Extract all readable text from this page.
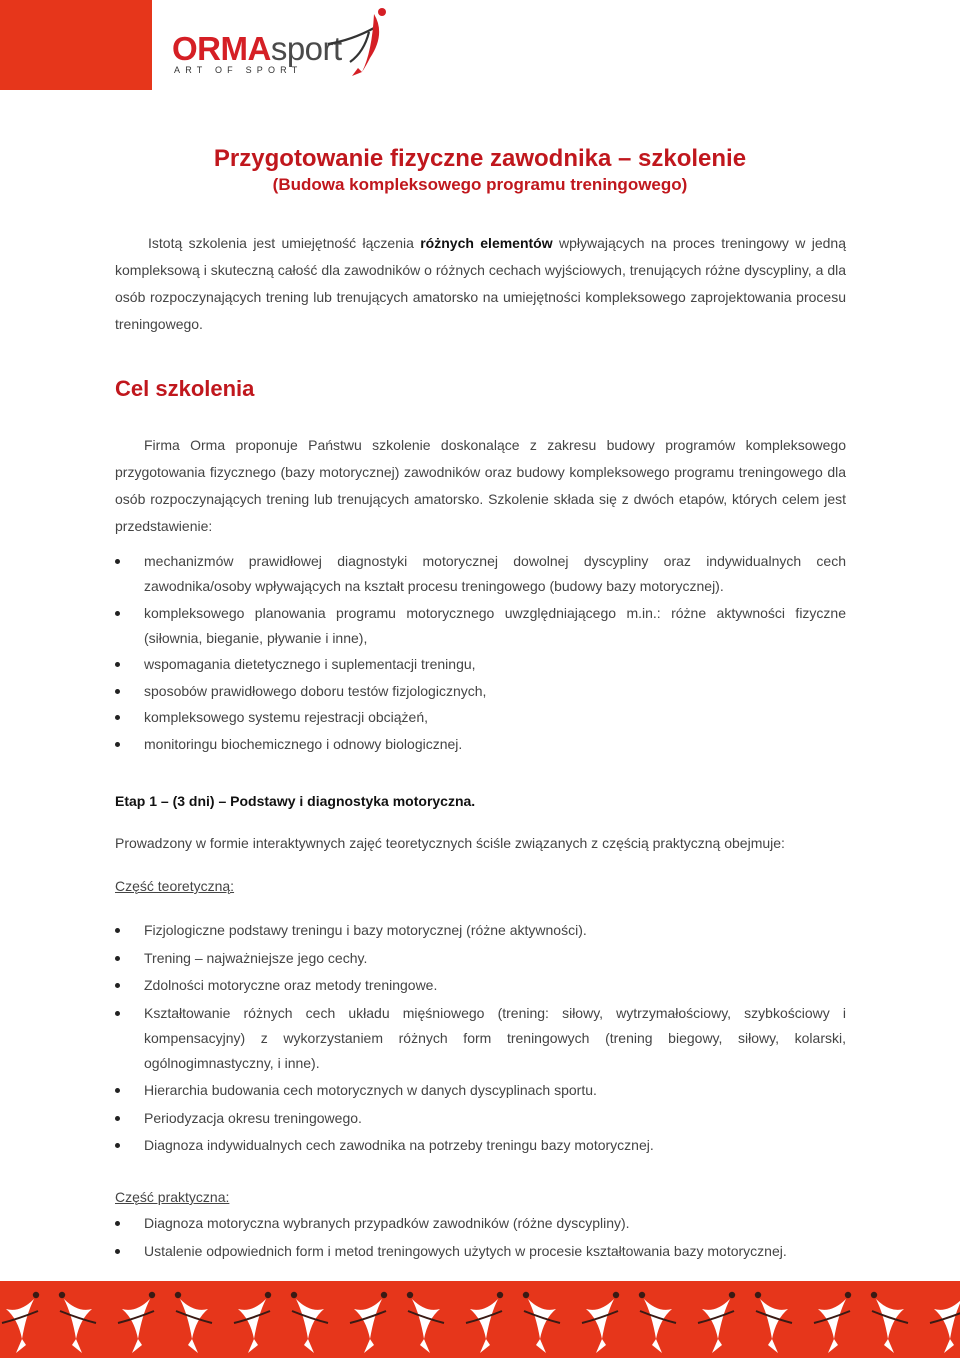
ORMAsport
ART OF SPORT
Przygotowanie fizyczne zawodnika – szkolenie
(Budowa kompleksowego programu treningowego)

Istotą szkolenia jest umiejętność łączenia różnych elementów wpływających na proces treningowy w jedną kompleksową i skuteczną całość dla zawodników o różnych cechach wyjściowych, trenujących różne dyscypliny, a dla osób rozpoczynających trening lub trenujących amatorsko na umiejętności kompleksowego zaprojektowania procesu treningowego.

Cel szkolenia

Firma Orma proponuje Państwu szkolenie doskonalące z zakresu budowy programów kompleksowego przygotowania fizycznego (bazy motorycznej) zawodników oraz budowy kompleksowego programu treningowego dla osób rozpoczynających trening lub trenujących amatorsko. Szkolenie składa się z dwóch etapów, których celem jest przedstawienie:

mechanizmów prawidłowej diagnostyki motorycznej dowolnej dyscypliny oraz indywidualnych cech zawodnika/osoby wpływających na kształt procesu treningowego (budowy bazy motorycznej).
kompleksowego planowania programu motorycznego uwzględniającego m.in.: różne aktywności fizyczne (siłownia, bieganie, pływanie i inne),
wspomagania dietetycznego i suplementacji treningu,
sposobów prawidłowego doboru testów fizjologicznych,
kompleksowego systemu rejestracji obciążeń,
monitoringu biochemicznego i odnowy biologicznej.
Etap 1 – (3 dni) – Podstawy i diagnostyka motoryczna.
Prowadzony w formie interaktywnych zajęć teoretycznych ściśle związanych z częścią praktyczną obejmuje:
Część teoretyczną:
Fizjologiczne podstawy treningu i bazy motorycznej (różne aktywności).
Trening – najważniejsze jego cechy.
Zdolności motoryczne oraz metody treningowe.
Kształtowanie różnych cech układu mięśniowego (trening: siłowy, wytrzymałościowy, szybkościowy i kompensacyjny) z wykorzystaniem różnych form treningowych (trening biegowy, siłowy, kolarski, ogólnogimnastyczny, i inne).
Hierarchia budowania cech motorycznych w danych dyscyplinach sportu.
Periodyzacja okresu treningowego.
Diagnoza indywidualnych cech zawodnika na potrzeby treningu bazy motorycznej.
Część praktyczna:
Diagnoza motoryczna wybranych przypadków zawodników (różne dyscypliny).
Ustalenie odpowiednich form i metod treningowych użytych w procesie kształtowania bazy motorycznej.
